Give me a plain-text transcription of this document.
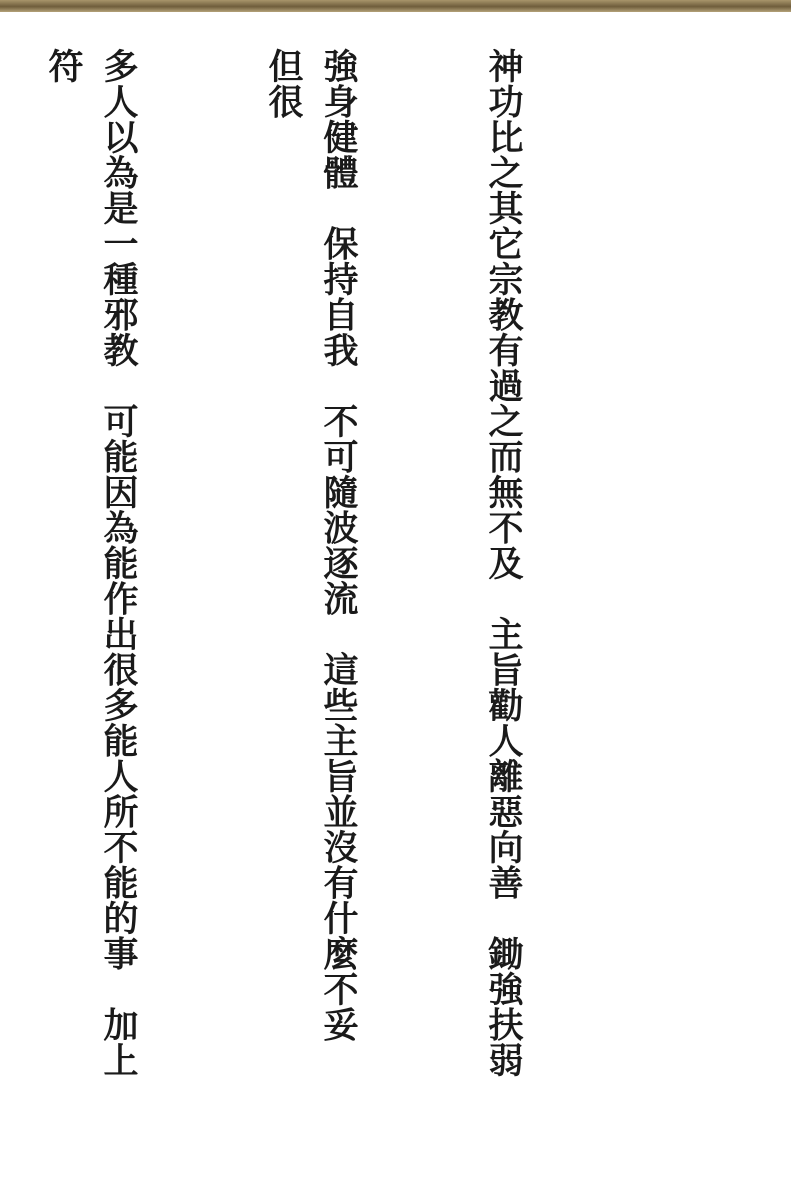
神功比之其它宗教有過之而無不及　主旨勸人離惡向善　鋤強扶弱

強身健體　保持自我　不可隨波逐流　這些主旨並沒有什麼不妥　但很

多人以為是一種邪教　可能因為能作出很多能人所不能的事　加上符
